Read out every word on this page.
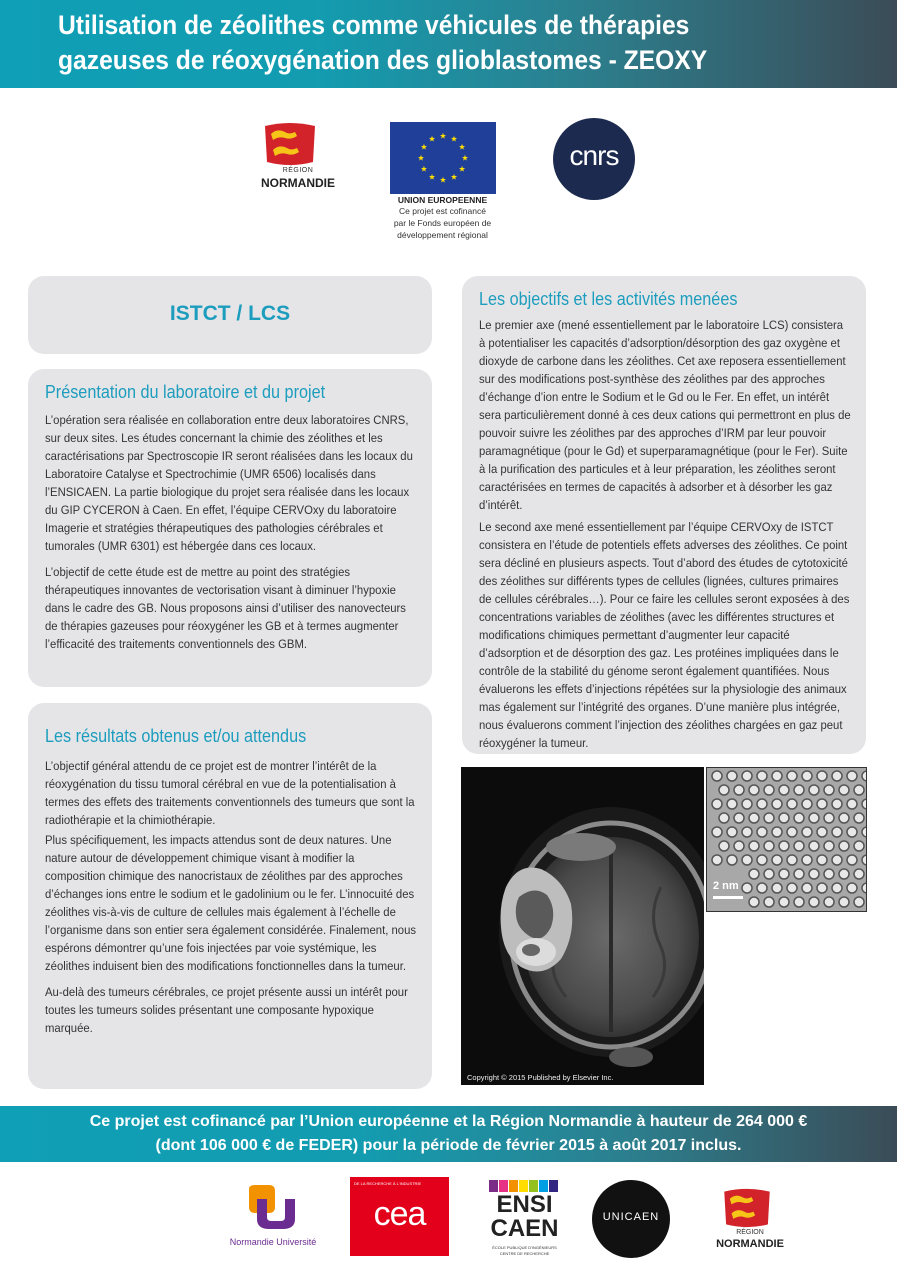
Utilisation de zéolithes comme véhicules de thérapies
gazeuses de réoxygénation des glioblastomes - ZEOXY
RÉGION
NORMANDIE
UNION EUROPEENNE
Ce projet est cofinancé
par le Fonds européen de
développement régional
cnrs
ISTCT / LCS
Présentation du laboratoire et du projet

L’opération sera réalisée en collaboration entre deux laboratoires CNRS, sur deux sites. Les études concernant la chimie des zéolithes et les caractérisations par Spectroscopie IR seront réalisées dans les locaux du Laboratoire Catalyse et Spectrochimie (UMR 6506) localisés dans l’ENSICAEN. La partie biologique du projet sera réalisée dans les locaux du GIP CYCERON à Caen. En effet, l’équipe CERVOxy du laboratoire Imagerie et stratégies thérapeutiques des pathologies cérébrales et tumorales (UMR 6301) est hébergée dans ces locaux.

L’objectif de cette étude est de mettre au point des stratégies thérapeutiques innovantes de vectorisation visant à diminuer l’hypoxie dans le cadre des GB. Nous proposons ainsi d’utiliser des nanovecteurs de thérapies gazeuses pour réoxygéner les GB et à termes augmenter l’efficacité des traitements conventionnels des GBM.

Les résultats obtenus et/ou attendus

L’objectif général attendu de ce projet est de montrer l’intérêt de la réoxygénation du tissu tumoral cérébral en vue de la potentialisation à termes des effets des traitements conventionnels des tumeurs que sont la radiothérapie et la chimiothérapie.

Plus spécifiquement, les impacts attendus sont de deux natures. Une nature autour de développement chimique visant à modifier la composition chimique des nanocristaux de zéolithes par des approches d’échanges ions entre le sodium et le gadolinium ou le fer. L’innocuité des zéolithes vis-à-vis de culture de cellules mais également à l’échelle de l’organisme dans son entier sera également considérée. Finalement, nous espérons démontrer qu’une fois injectées par voie systémique, les zéolithes induisent bien des modifications fonctionnelles dans la tumeur.

Au-delà des tumeurs cérébrales, ce projet présente aussi un intérêt pour toutes les tumeurs solides présentant une composante hypoxique marquée.

Les objectifs et les activités menées

Le premier axe (mené essentiellement par le laboratoire LCS) consistera à potentialiser les capacités d’adsorption/désorption des gaz oxygène et dioxyde de carbone dans les zéolithes. Cet axe reposera essentiellement sur des modifications post-synthèse des zéolithes par des approches d’échange d’ion entre le Sodium et le Gd ou le Fer. En effet, un intérêt sera particulièrement donné à ces deux cations qui permettront en plus de pouvoir suivre les zéolithes par des approches d’IRM par leur pouvoir paramagnétique (pour le Gd) et superparamagnétique (pour le Fer). Suite à la purification des particules et à leur préparation, les zéolithes seront caractérisées en termes de capacités à adsorber et à désorber les gaz d’intérêt.

Le second axe mené essentiellement par l’équipe CERVOxy de ISTCT consistera en l’étude de potentiels effets adverses des zéolithes. Ce point sera décliné en plusieurs aspects. Tout d’abord des études de cytotoxicité des zéolithes sur différents types de cellules (lignées, cultures primaires de cellules cérébrales…). Pour ce faire les cellules seront exposées à des concentrations variables de zéolithes (avec les différentes structures et modifications chimiques permettant d’augmenter leur capacité d’adsorption et de désorption des gaz. Les protéines impliquées dans le contrôle de la stabilité du génome seront également quantifiées. Nous évaluerons les effets d’injections répétées sur la physiologie des animaux mas également sur l’intégrité des organes. D’une manière plus intégrée, nous évaluerons comment l’injection des zéolithes chargées en gaz peut réoxygéner la tumeur.

Copyright © 2015 Published by Elsevier Inc.
2 nm
Ce projet est cofinancé par l’Union européenne et la Région Normandie à hauteur de 264 000 €
(dont 106 000 € de FEDER) pour la période de février 2015 à août 2017 inclus.
Normandie Université
DE LA RECHERCHE À L'INDUSTRIE
cea	ENSI
CAEN
ÉCOLE PUBLIQUE D'INGÉNIEURS
CENTRE DE RECHERCHE
UNICAEN
RÉGION
NORMANDIE
